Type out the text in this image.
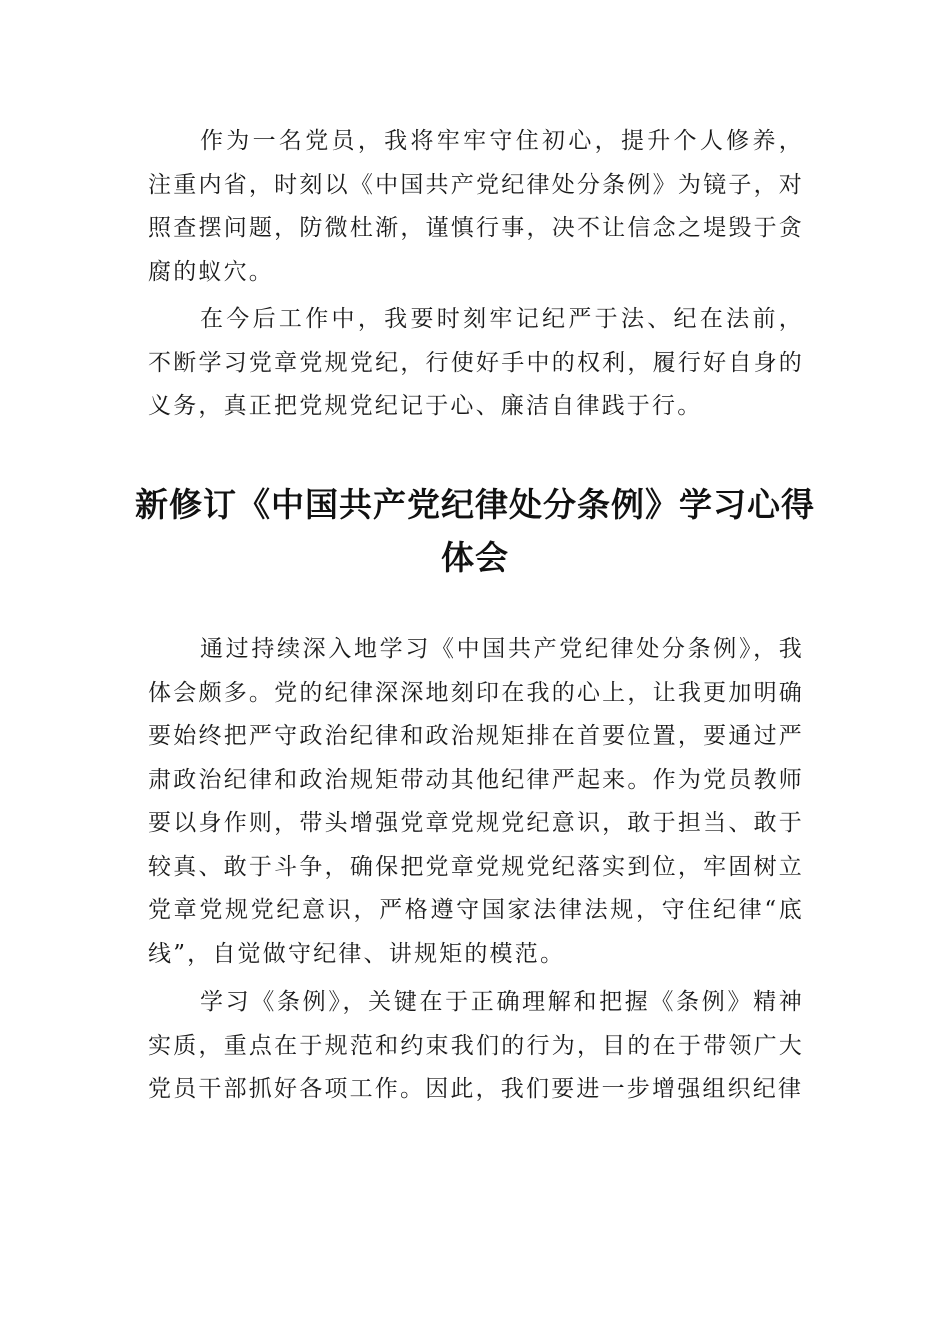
作为一名党员，我将牢牢守住初心，提升个人修养，注重内省，时刻以《中国共产党纪律处分条例》为镜子，对照查摆问题，防微杜渐，谨慎行事，决不让信念之堤毁于贪腐的蚁穴。

在今后工作中，我要时刻牢记纪严于法、纪在法前，不断学习党章党规党纪，行使好手中的权利，履行好自身的义务，真正把党规党纪记于心、廉洁自律践于行。

新修订《中国共产党纪律处分条例》学习心得体会

通过持续深入地学习《中国共产党纪律处分条例》，我体会颇多。党的纪律深深地刻印在我的心上，让我更加明确要始终把严守政治纪律和政治规矩排在首要位置，要通过严肃政治纪律和政治规矩带动其他纪律严起来。作为党员教师要以身作则，带头增强党章党规党纪意识，敢于担当、敢于较真、敢于斗争，确保把党章党规党纪落实到位，牢固树立党章党规党纪意识，严格遵守国家法律法规，守住纪律“底线”，自觉做守纪律、讲规矩的模范。

学习《条例》，关键在于正确理解和把握《条例》精神实质，重点在于规范和约束我们的行为，目的在于带领广大党员干部抓好各项工作。因此，我们要进一步增强组织纪律
